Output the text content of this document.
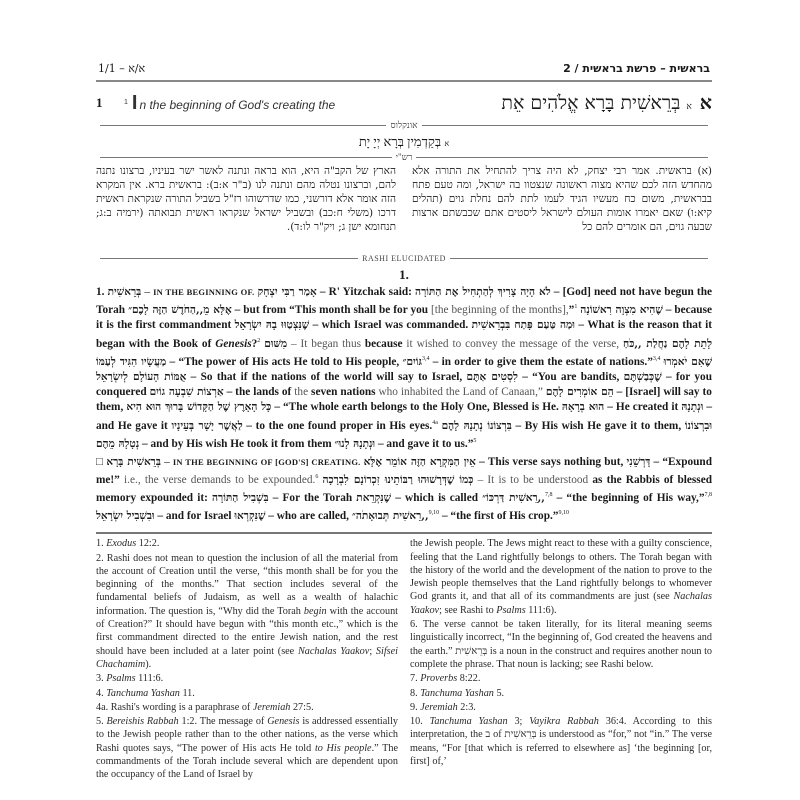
1/1 – א/א	2 / בראשית – פרשת בראשית
1	$^1$ I n the beginning of God's creating the	אאבְּרֵאשִׁית בָּרָא אֱלֹהִים אֵת
אונקלוס
א בְּקַדְמִין בְּרָא יְיָ יָת
רש"י
(א) בראשית. אמר רבי יצחק, לא היה צריך להתחיל את התורה אלא מהחדש הזה לכם שהיא מצוה ראשונה שנצטוו בה ישראל, ומה טעם פתח בבראשית, משום כח מעשיו הגיד לעמו לתת להם נחלת גוים (תהלים קיא:ו) שאם יאמרו אומות העולם לישראל ליסטים אתם שכבשתם ארצות שבעה גוים, הם אומרים להם כל
הארץ של הקב"ה היא, הוא בראה ונתנה לאשר ישר בעיניו, ברצונו נתנה להם, וברצונו נטלה מהם ונתנה לנו (ב"ר א:ב): בראשית ברא. אין המקרא הזה אומר אלא דורשני, כמו שדרשוהו רז"ל בשביל התורה שנקראת ראשית דרכו (משלי ח:כב) ובשביל ישראל שנקראו ראשית תבואתה (ירמיה ב:ג; תנחומא ישן ג; ויק"ר לו:ד).
RASHI ELUCIDATED
1.

1. בְּרֵאשִׁית – IN THE BEGINNING OF. אָמַר רַבִּי יִצְחָק – R' Yitzchak said: לֹא הָיָה צָרִיךְ לְהַתְחִיל אֶת הַתּוֹרָה – [God] need not have begun the Torah אֶלָּא מֵ,,הַחֹדֶשׁ הַזֶּה לָכֶם״ – but from “This month shall be for you [the beginning of the months],”$^1$ שֶׁהִיא מִצְוָה רִאשׁוֹנָה – because it is the first commandment שֶׁנִּצְטַוּוּ בָהּ יִשְׂרָאֵל – which Israel was commanded. וּמַה טַּעַם פָּתַח בִּבְרֵאשִׁית – What is the reason that it began with the Book of Genesis?$^2$ מִשּׁוּם – It began thus because it wished to convey the message of the verse, לָתֵת לָהֶם נַחֲלַת ,,כֹּחַ מַעֲשָׂיו הִגִּיד לְעַמּוֹ – “The power of His acts He told to His people, גּוֹיִם״$^{3,4}$ – in order to give them the estate of nations.”$^{3,4}$ שֶׁאִם יֹאמְרוּ אֻמּוֹת הָעוֹלָם לְיִשְׂרָאֵל – So that if the nations of the world will say to Israel, לִסְטִים אַתֶּם – “You are bandits, שֶׁכְּבַשְׁתֶּם – for you conquered אַרְצוֹת שִׁבְעָה גוֹיִם – the lands of the seven nations who inhabited the Land of Canaan,” הֵם אוֹמְרִים לָהֶם – [Israel] will say to them, כָּל הָאָרֶץ שֶׁל הַקָּדוֹשׁ בָּרוּךְ הוּא הִיא – “The whole earth belongs to the Holy One, Blessed is He. הוּא בְרָאָהּ – He created it וּנְתָנָהּ – and He gave it לַאֲשֶׁר יָשָׁר בְּעֵינָיו – to the one found proper in His eyes.$^{4a}$ בִּרְצוֹנוֹ נְתָנָהּ לָהֶם – By His wish He gave it to them, וּבִרְצוֹנוֹ נְטָלָהּ מֵהֶם – and by His wish He took it from them וּנְתָנָהּ לָנוּ״ – and gave it to us.”$^5$

□ בְּרֵאשִׁית בָּרָא – IN THE BEGINNING OF [GOD'S] CREATING. אֵין הַמִּקְרָא הַזֶּה אוֹמֵר אֶלָּא – This verse says nothing but, דָּרְשֵׁנִי – “Expound me!” i.e., the verse demands to be expounded.$^6$ כְּמוֹ שֶׁדְּרָשׁוּהוּ רַבּוֹתֵינוּ זִכְרוֹנָם לִבְרָכָה – It is to be understood as the Rabbis of blessed memory expounded it: בִּשְׁבִיל הַתּוֹרָה – For the Torah שֶׁנִּקְרֵאת – which is called ,,רֵאשִׁית דַּרְכּוֹ״$^{7,8}$ – “the beginning of His way,”$^{7,8}$ וּבִשְׁבִיל יִשְׂרָאֵל – and for Israel שֶׁנִּקְרְאוּ – who are called, ,,רֵאשִׁית תְּבוּאָתֹה״$^{9,10}$ – “the first of His crop.”$^{9,10}$

1. Exodus 12:2.

2. Rashi does not mean to question the inclusion of all the material from the account of Creation until the verse, “this month shall be for you the beginning of the months.” That section includes several of the fundamental beliefs of Judaism, as well as a wealth of halachic information. The question is, “Why did the Torah begin with the account of Creation?” It should have begun with “this month etc.,” which is the first commandment directed to the entire Jewish nation, and the rest should have been included at a later point (see Nachalas Yaakov; Sifsei Chachamim).

3. Psalms 111:6.

4. Tanchuma Yashan 11.

4a. Rashi's wording is a paraphrase of Jeremiah 27:5.

5. Bereishis Rabbah 1:2. The message of Genesis is addressed essentially to the Jewish people rather than to the other nations, as the verse which Rashi quotes says, “The power of His acts He told to His people.” The commandments of the Torah include several which are dependent upon the occupancy of the Land of Israel by

the Jewish people. The Jews might react to these with a guilty conscience, feeling that the Land rightfully belongs to others. The Torah began with the history of the world and the development of the nation to prove to the Jewish people themselves that the Land rightfully belongs to whomever God grants it, and that all of its commandments are just (see Nachalas Yaakov; see Rashi to Psalms 111:6).

6. The verse cannot be taken literally, for its literal meaning seems linguistically incorrect, “In the beginning of, God created the heavens and the earth.” בְּרֵאשִׁית is a noun in the construct and requires another noun to complete the phrase. That noun is lacking; see Rashi below.

7. Proverbs 8:22.

8. Tanchuma Yashan 5.

9. Jeremiah 2:3.

10. Tanchuma Yashan 3; Vayikra Rabbah 36:4. According to this interpretation, the ב of בְּרֵאשִׁית is understood as “for,” not “in.” The verse means, “For [that which is referred to elsewhere as] ‘the beginning [or, first] of,’
